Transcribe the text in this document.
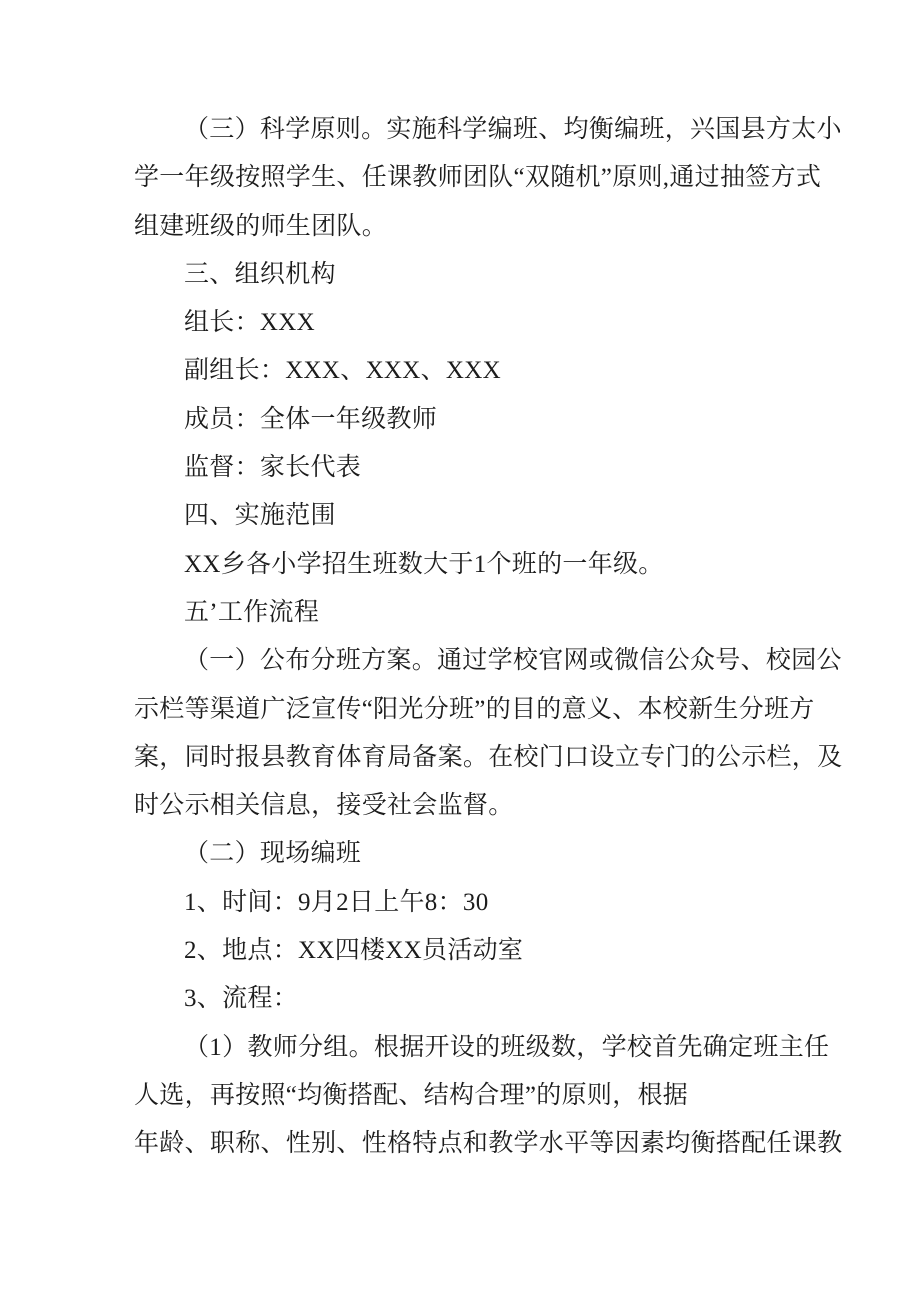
（三）科学原则。实施科学编班、均衡编班，兴国县方太小
学一年级按照学生、任课教师团队“双随机”原则,通过抽签方式
组建班级的师生团队。
三、组织机构
组长：XXX
副组长：XXX、XXX、XXX
成员：全体一年级教师
监督：家长代表
四、实施范围
XX乡各小学招生班数大于1个班的一年级。
五’工作流程
（一）公布分班方案。通过学校官网或微信公众号、校园公
示栏等渠道广泛宣传“阳光分班”的目的意义、本校新生分班方
案，同时报县教育体育局备案。在校门口设立专门的公示栏，及
时公示相关信息，接受社会监督。
（二）现场编班
1、时间：9月2日上午8：30
2、地点：XX四楼XX员活动室
3、流程：
（1）教师分组。根据开设的班级数，学校首先确定班主任
人选，再按照“均衡搭配、结构合理”的原则，根据
年龄、职称、性别、性格特点和教学水平等因素均衡搭配任课教
